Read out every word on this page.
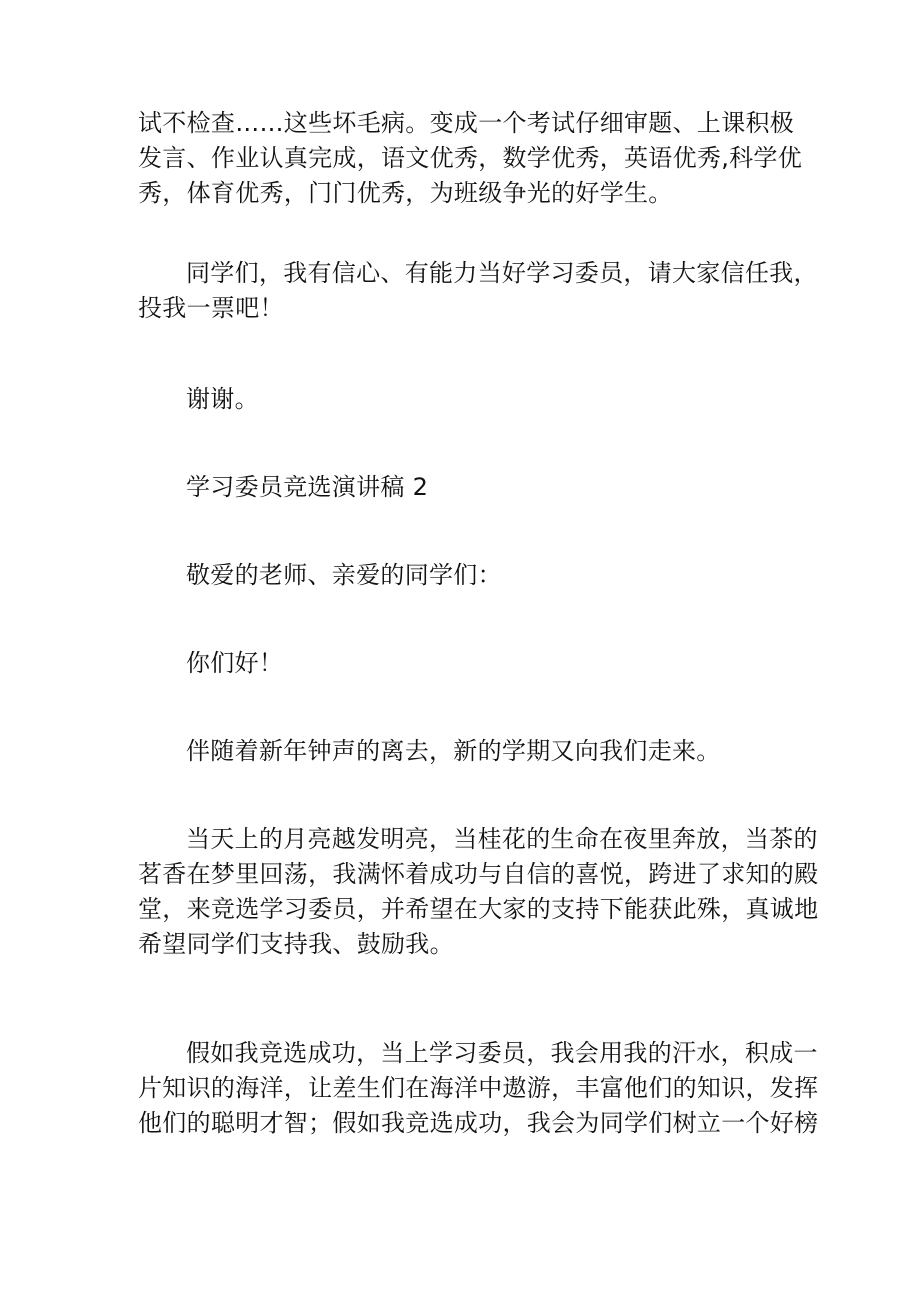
试不检查……这些坏毛病。变成一个考试仔细审题、上课积极
发言、作业认真完成，语文优秀，数学优秀，英语优秀,科学优
秀，体育优秀，门门优秀，为班级争光的好学生。
同学们，我有信心、有能力当好学习委员，请大家信任我，
投我一票吧！
谢谢。
学习委员竞选演讲稿 2
敬爱的老师、亲爱的同学们：
你们好！
伴随着新年钟声的离去，新的学期又向我们走来。
当天上的月亮越发明亮，当桂花的生命在夜里奔放，当茶的
茗香在梦里回荡，我满怀着成功与自信的喜悦，跨进了求知的殿
堂，来竞选学习委员，并希望在大家的支持下能获此殊，真诚地
希望同学们支持我、鼓励我。
假如我竞选成功，当上学习委员，我会用我的汗水，积成一
片知识的海洋，让差生们在海洋中遨游，丰富他们的知识，发挥
他们的聪明才智；假如我竞选成功，我会为同学们树立一个好榜
